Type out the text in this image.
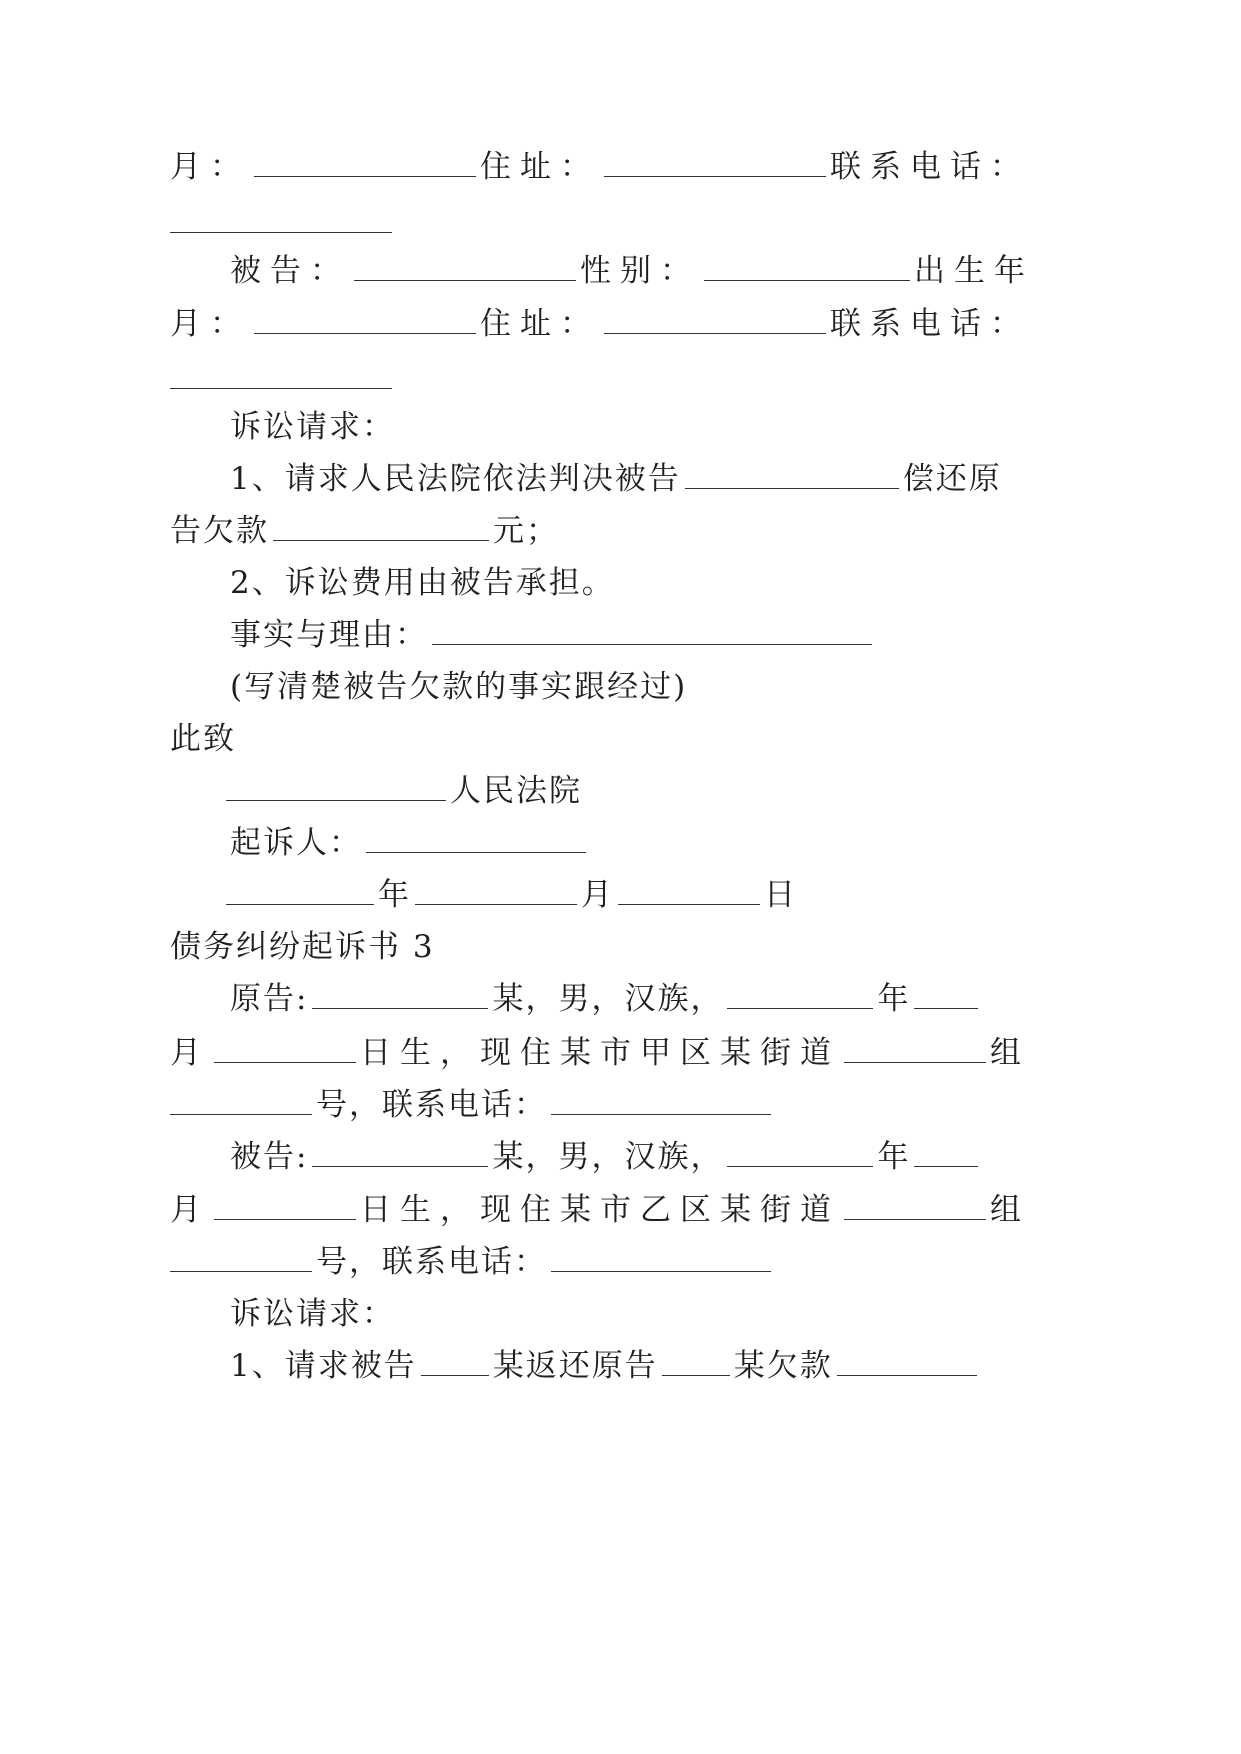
月：	住址：	联系电话：
被告：	性别：	出生年
月：	住址：	联系电话：
诉讼请求：
1、请求人民法院依法判决被告	偿还原
告欠款	元；
2、诉讼费用由被告承担。
事实与理由：
(写清楚被告欠款的事实跟经过)
此致
人民法院
起诉人：
年	月	日
债务纠纷起诉书 3
原告:	某，男，汉族，	年
月	日生，现住某市甲区某街道	组
号，联系电话：
被告:	某，男，汉族，	年
月	日生，现住某市乙区某街道	组
号，联系电话：
诉讼请求：
1、请求被告 某返还原告 某欠款
